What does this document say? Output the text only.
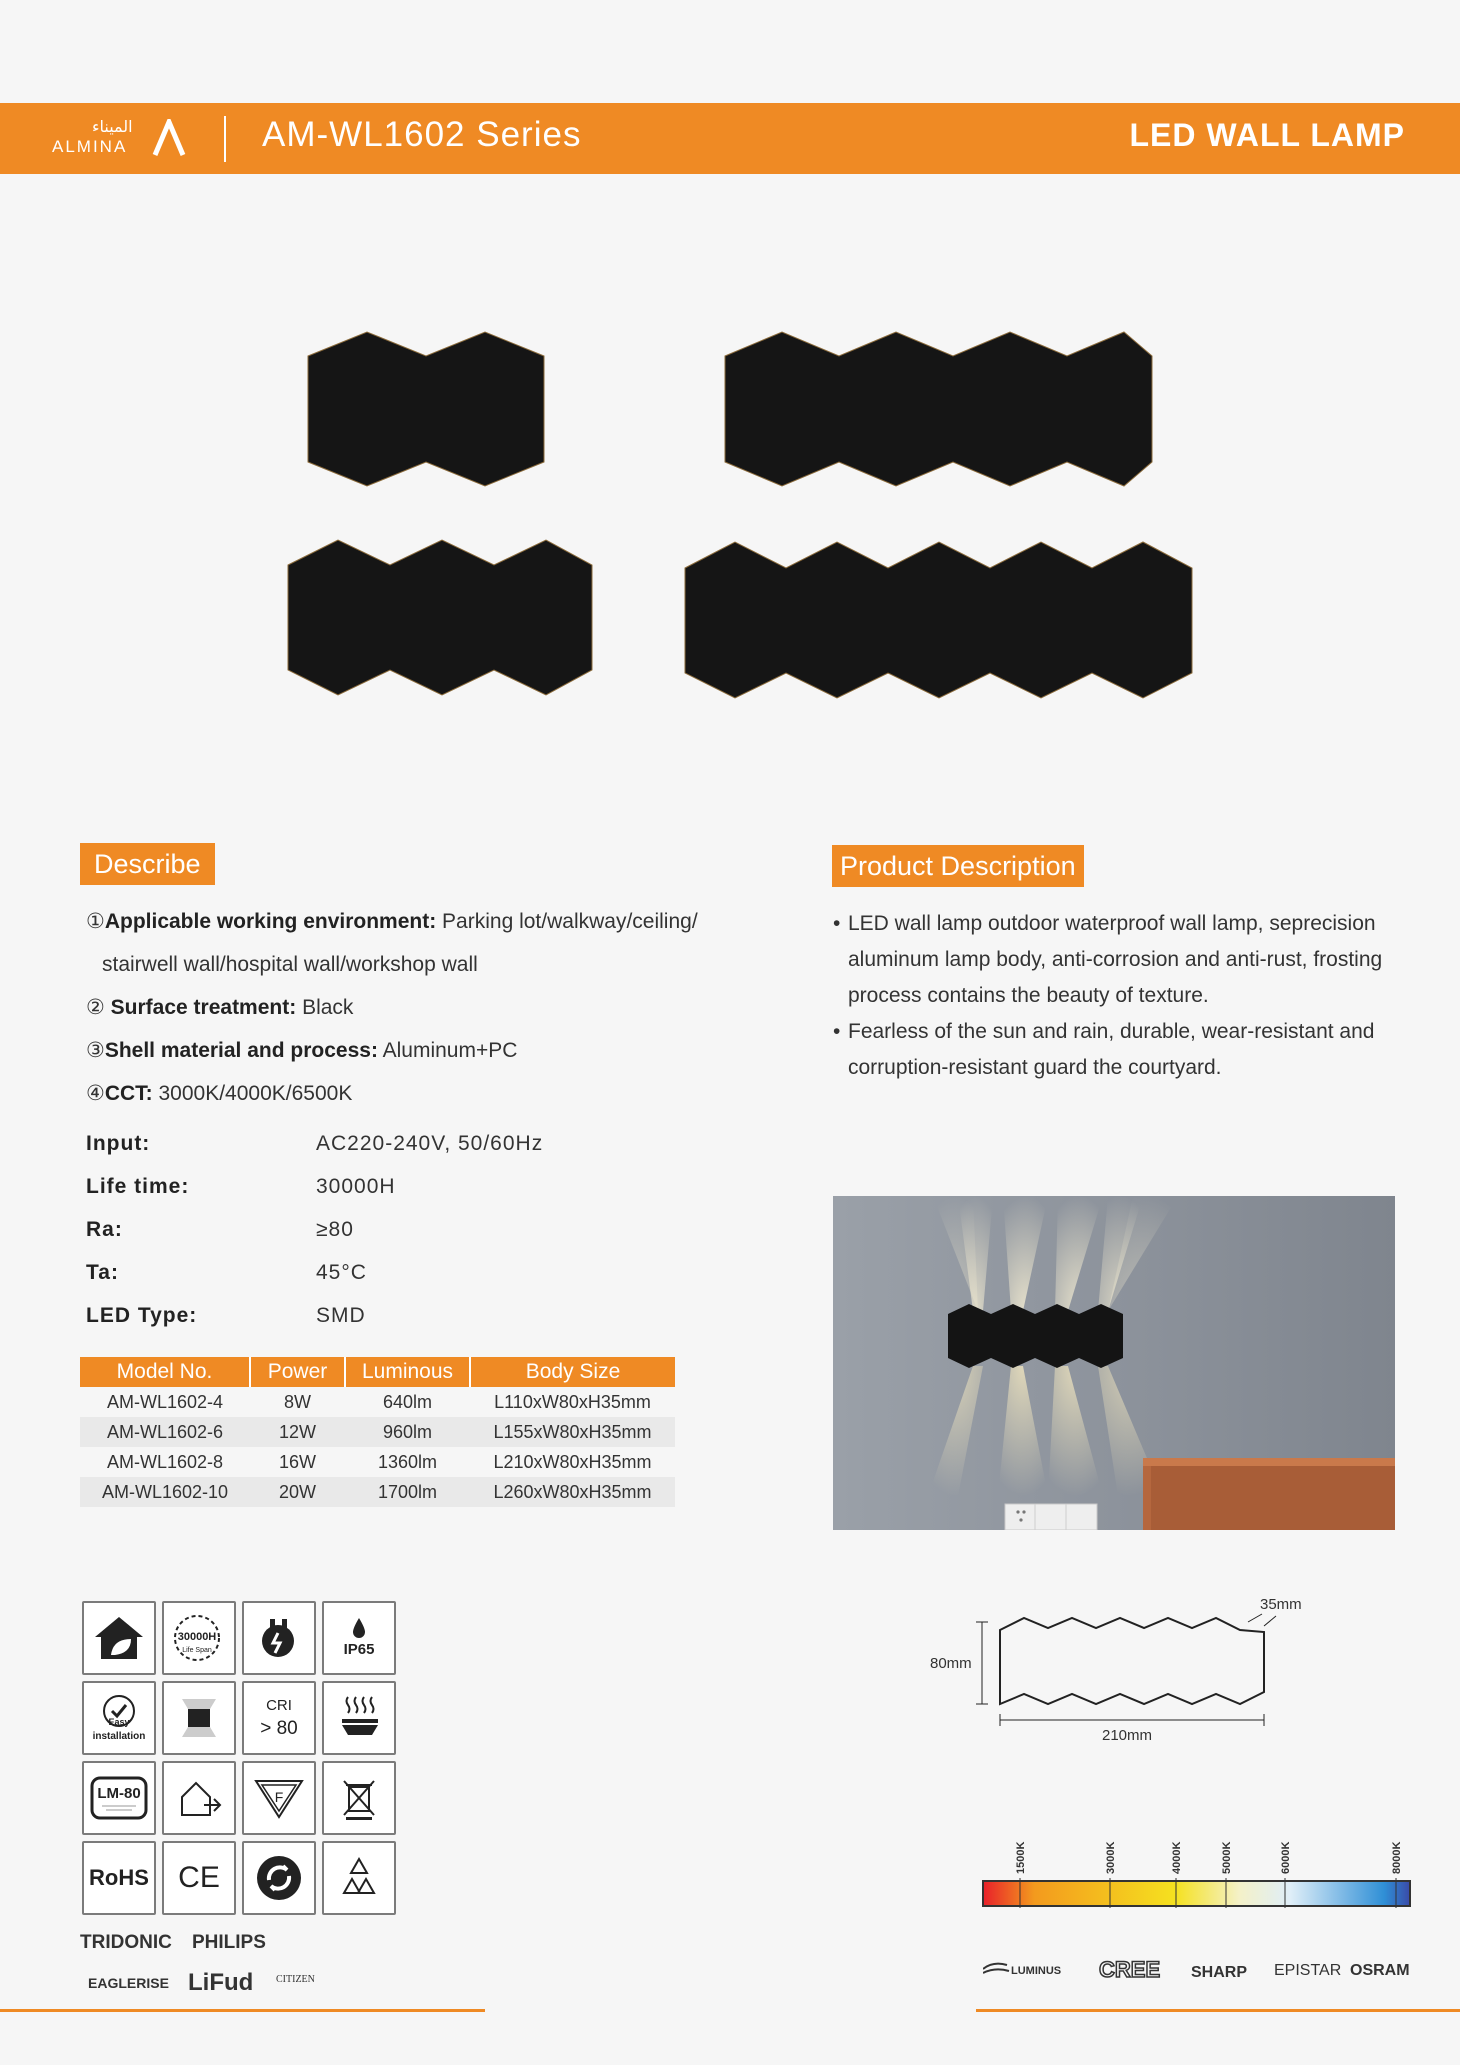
الميناء
ALMINA	AM-WL1602 Series	LED WALL LAMP
Describe
①Applicable working environment: Parking lot/walkway/ceiling/
stairwell wall/hospital wall/workshop wall
② Surface treatment: Black
③Shell material and process: Aluminum+PC
④CCT: 3000K/4000K/6500K
Input:	AC220-240V, 50/60Hz
Life time:	30000H
Ra:	≥80
Ta:	45°C
LED Type:	SMD
Model No.	Power	Luminous	Body Size
AM-WL1602-4	8W	640lm	L110xW80xH35mm
AM-WL1602-6	12W	960lm	L155xW80xH35mm
AM-WL1602-8	16W	1360lm	L210xW80xH35mm
AM-WL1602-10	20W	1700lm	L260xW80xH35mm
Product Description
• LED wall lamp outdoor waterproof wall lamp, seprecision aluminum lamp body, anti-corrosion and anti-rust, frosting process contains the beauty of texture.
• Fearless of the sun and rain, durable, wear-resistant and corruption-resistant guard the courtyard.
30000H
Life Span	IP65
Easy
installation
CRI
> 80
LM-80	F
RoHS CE
TRIDONIC PHILIPS
EAGLERISE LiFud CITIZEN
LUMINUS CREE SHARP EPISTAR OSRAM
80mm
210mm
35mm
1500K	3000K	4000K	5000K	6000K	8000K
